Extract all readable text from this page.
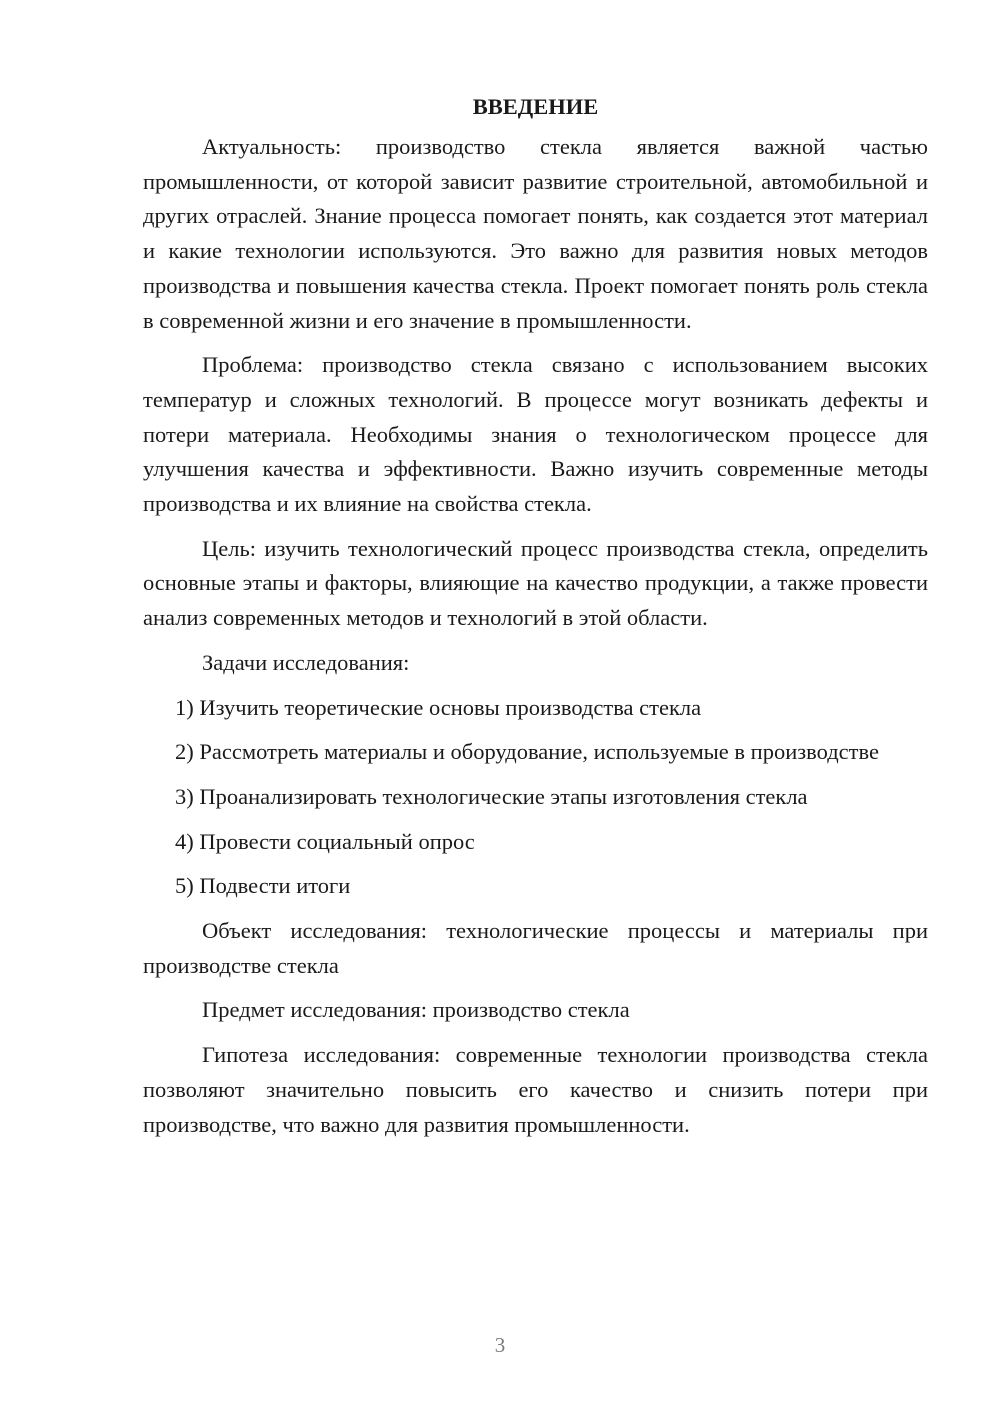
ВВЕДЕНИЕ

Актуальность: производство стекла является важной частью промышленности, от которой зависит развитие строительной, автомобильной и других отраслей. Знание процесса помогает понять, как создается этот материал и какие технологии используются. Это важно для развития новых методов производства и повышения качества стекла. Проект помогает понять роль стекла в современной жизни и его значение в промышленности.

Проблема: производство стекла связано с использованием высоких температур и сложных технологий. В процессе могут возникать дефекты и потери материала. Необходимы знания о технологическом процессе для улучшения качества и эффективности. Важно изучить современные методы производства и их влияние на свойства стекла.

Цель: изучить технологический процесс производства стекла, определить основные этапы и факторы, влияющие на качество продукции, а также провести анализ современных методов и технологий в этой области.

Задачи исследования:

1) Изучить теоретические основы производства стекла

2) Рассмотреть материалы и оборудование, используемые в производстве

3) Проанализировать технологические этапы изготовления стекла

4) Провести социальный опрос

5) Подвести итоги

Объект исследования: технологические процессы и материалы при производстве стекла

Предмет исследования: производство стекла

Гипотеза исследования: современные технологии производства стекла позволяют значительно повысить его качество и снизить потери при производстве, что важно для развития промышленности.

3
